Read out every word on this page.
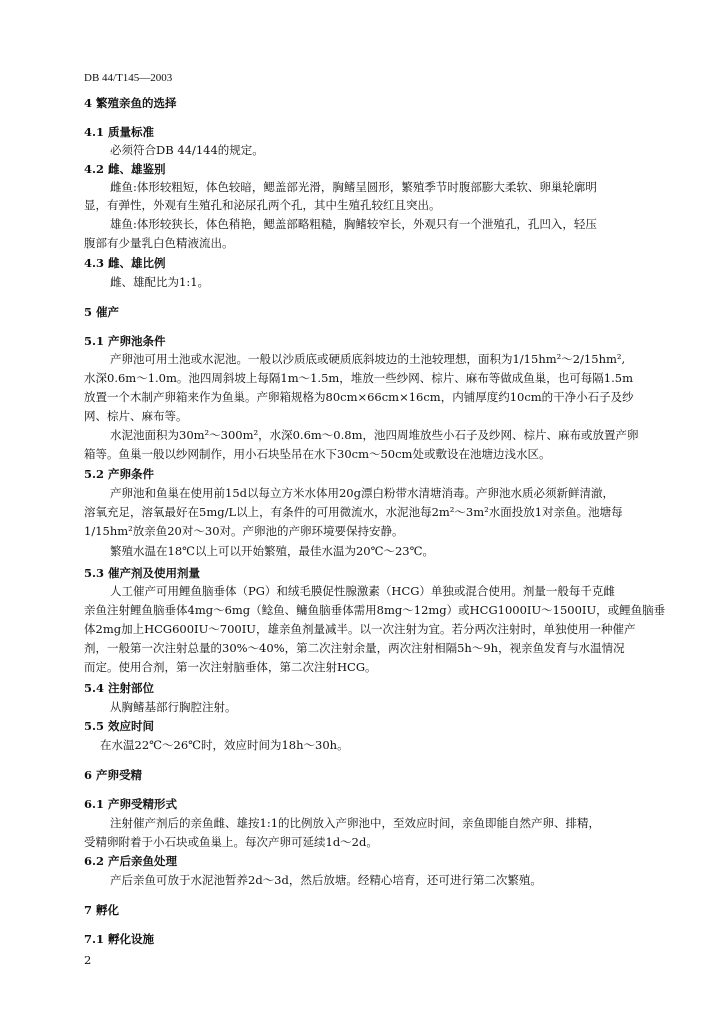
DB 44/T145—2003
4 繁殖亲鱼的选择
4.1 质量标准
必须符合DB 44/144的规定。
4.2 雌、雄鉴别
雌鱼:体形较粗短，体色较暗，鳃盖部光滑，胸鳍呈圆形，繁殖季节时腹部膨大柔软、卵巢轮廓明
显，有弹性，外观有生殖孔和泌尿孔两个孔，其中生殖孔较红且突出。
雄鱼:体形较狭长，体色稍艳，鳃盖部略粗糙，胸鳍较窄长，外观只有一个泄殖孔，孔凹入，轻压
腹部有少量乳白色精液流出。
4.3 雌、雄比例
雌、雄配比为1:1。
5 催产
5.1 产卵池条件
产卵池可用土池或水泥池。一般以沙质底或硬质底斜坡边的土池较理想，面积为1/15hm²～2/15hm²,
水深0.6m～1.0m。池四周斜坡上每隔1m～1.5m，堆放一些纱网、棕片、麻布等做成鱼巢，也可每隔1.5m
放置一个木制产卵箱来作为鱼巢。产卵箱规格为80cm×66cm×16cm，内铺厚度约10cm的干净小石子及纱
网、棕片、麻布等。
水泥池面积为30m²～300m²，水深0.6m～0.8m，池四周堆放些小石子及纱网、棕片、麻布或放置产卵
箱等。鱼巢一般以纱网制作，用小石块坠吊在水下30cm～50cm处或敷设在池塘边浅水区。
5.2 产卵条件
产卵池和鱼巢在使用前15d以每立方米水体用20g漂白粉带水清塘消毒。产卵池水质必须新鲜清澈，
溶氧充足，溶氧最好在5mg/L以上，有条件的可用微流水，水泥池每2m²～3m²水面投放1对亲鱼。池塘每
1/15hm²放亲鱼20对～30对。产卵池的产卵环境要保持安静。
繁殖水温在18℃以上可以开始繁殖，最佳水温为20℃～23℃。
5.3 催产剂及使用剂量
人工催产可用鲤鱼脑垂体（PG）和绒毛膜促性腺激素（HCG）单独或混合使用。剂量一般每千克雌
亲鱼注射鲤鱼脑垂体4mg～6mg（鲶鱼、鳙鱼脑垂体需用8mg～12mg）或HCG1000IU～1500IU，或鲤鱼脑垂
体2mg加上HCG600IU～700IU，雄亲鱼剂量减半。以一次注射为宜。若分两次注射时，单独使用一种催产
剂，一般第一次注射总量的30%～40%，第二次注射余量，两次注射相隔5h～9h，视亲鱼发育与水温情况
而定。使用合剂，第一次注射脑垂体，第二次注射HCG。
5.4 注射部位
从胸鳍基部行胸腔注射。
5.5 效应时间
在水温22℃～26℃时，效应时间为18h～30h。
6 产卵受精
6.1 产卵受精形式
注射催产剂后的亲鱼雌、雄按1:1的比例放入产卵池中，至效应时间，亲鱼即能自然产卵、排精，
受精卵附着于小石块或鱼巢上。每次产卵可延续1d～2d。
6.2 产后亲鱼处理
产后亲鱼可放于水泥池暂养2d～3d，然后放塘。经精心培育，还可进行第二次繁殖。
7 孵化
7.1 孵化设施
2
